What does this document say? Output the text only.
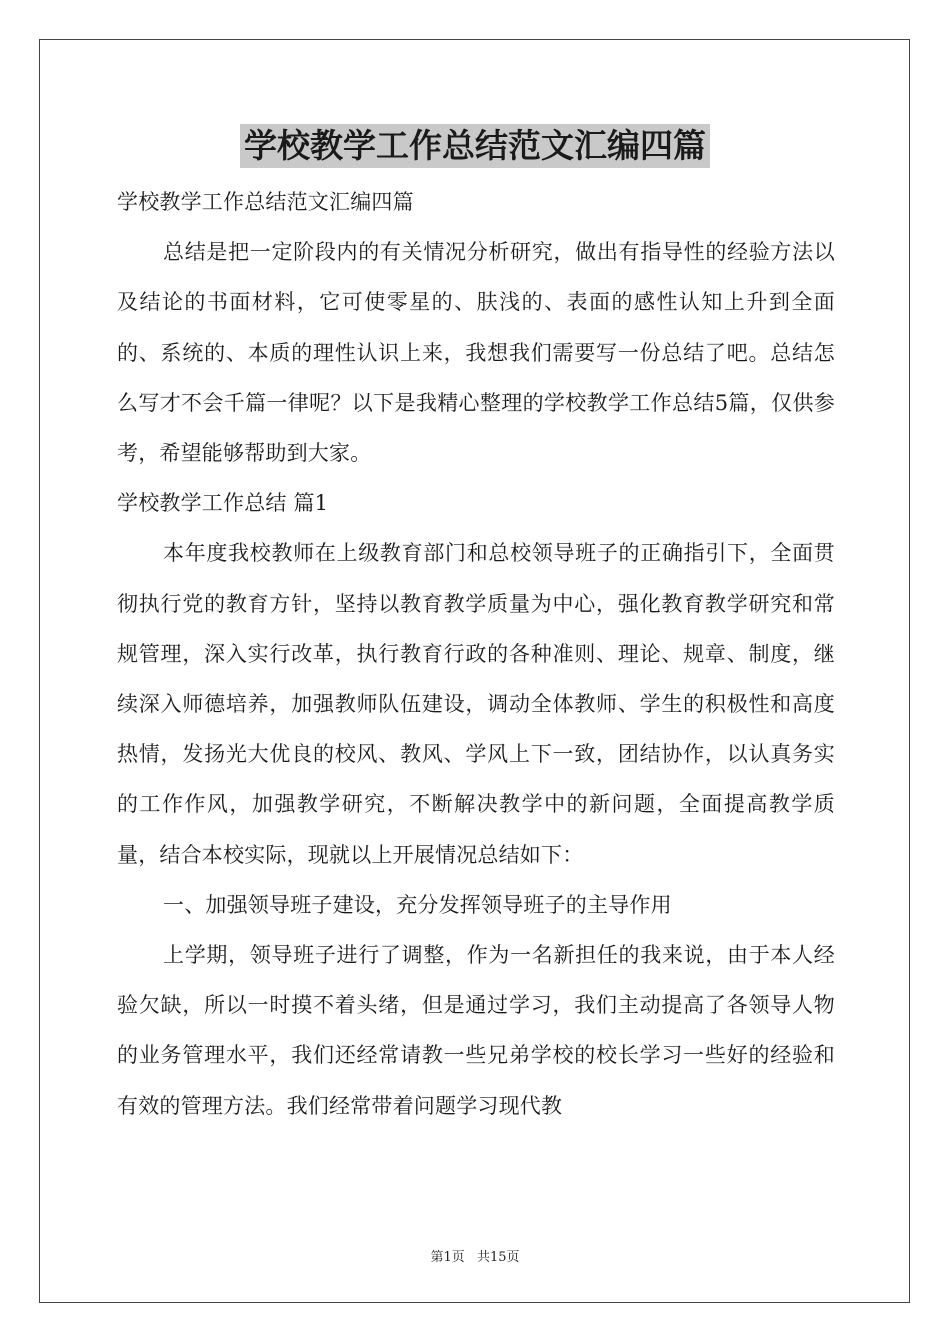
学校教学工作总结范文汇编四篇

学校教学工作总结范文汇编四篇

总结是把一定阶段内的有关情况分析研究，做出有指导性的经验方法以及结论的书面材料，它可使零星的、肤浅的、表面的感性认知上升到全面的、系统的、本质的理性认识上来，我想我们需要写一份总结了吧。总结怎么写才不会千篇一律呢？以下是我精心整理的学校教学工作总结5篇，仅供参考，希望能够帮助到大家。

学校教学工作总结 篇1

本年度我校教师在上级教育部门和总校领导班子的正确指引下，全面贯彻执行党的教育方针，坚持以教育教学质量为中心，强化教育教学研究和常规管理，深入实行改革，执行教育行政的各种准则、理论、规章、制度，继续深入师德培养，加强教师队伍建设，调动全体教师、学生的积极性和高度热情，发扬光大优良的校风、教风、学风上下一致，团结协作，以认真务实的工作作风，加强教学研究，不断解决教学中的新问题，全面提高教学质量，结合本校实际，现就以上开展情况总结如下：

一、加强领导班子建设，充分发挥领导班子的主导作用

上学期，领导班子进行了调整，作为一名新担任的我来说，由于本人经验欠缺，所以一时摸不着头绪，但是通过学习，我们主动提高了各领导人物的业务管理水平，我们还经常请教一些兄弟学校的校长学习一些好的经验和有效的管理方法。我们经常带着问题学习现代教

第1页 共15页
